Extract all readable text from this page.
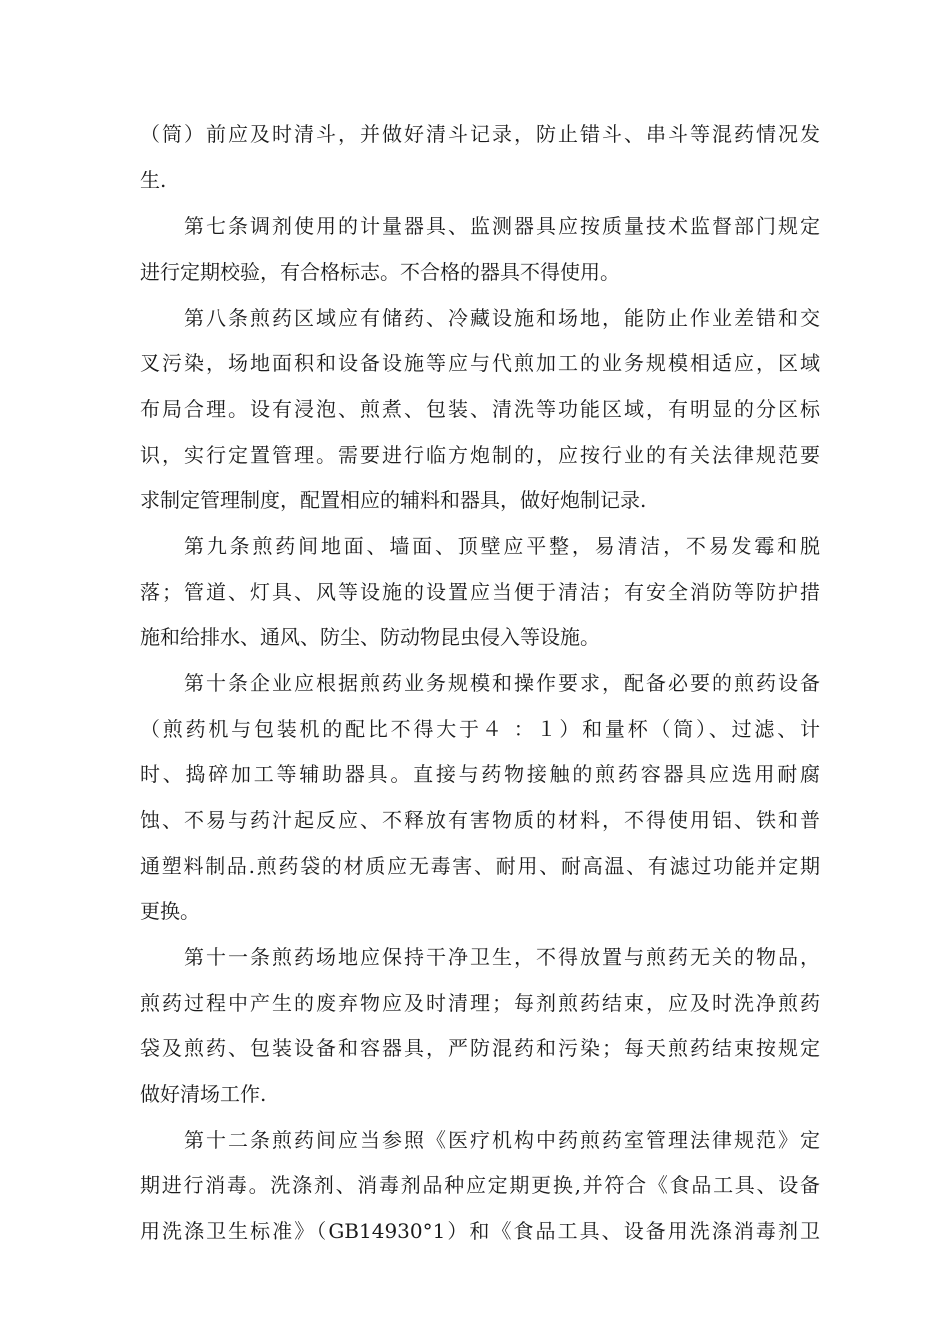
（筒）前应及时清斗，并做好清斗记录，防止错斗、串斗等混药情况发
生.
第七条调剂使用的计量器具、监测器具应按质量技术监督部门规定
进行定期校验，有合格标志。不合格的器具不得使用。
第八条煎药区域应有储药、冷藏设施和场地，能防止作业差错和交
叉污染，场地面积和设备设施等应与代煎加工的业务规模相适应，区域
布局合理。设有浸泡、煎煮、包装、清洗等功能区域，有明显的分区标
识，实行定置管理。需要进行临方炮制的，应按行业的有关法律规范要
求制定管理制度，配置相应的辅料和器具，做好炮制记录.
第九条煎药间地面、墙面、顶壁应平整，易清洁，不易发霉和脱
落；管道、灯具、风等设施的设置应当便于清洁；有安全消防等防护措
施和给排水、通风、防尘、防动物昆虫侵入等设施。
第十条企业应根据煎药业务规模和操作要求，配备必要的煎药设备
（煎药机与包装机的配比不得大于４ ：１）和量杯（筒）、过滤、计
时、捣碎加工等辅助器具。直接与药物接触的煎药容器具应选用耐腐
蚀、不易与药汁起反应、不释放有害物质的材料，不得使用铝、铁和普
通塑料制品.煎药袋的材质应无毒害、耐用、耐高温、有滤过功能并定期
更换。
第十一条煎药场地应保持干净卫生，不得放置与煎药无关的物品，
煎药过程中产生的废弃物应及时清理；每剂煎药结束，应及时洗净煎药
袋及煎药、包装设备和容器具，严防混药和污染；每天煎药结束按规定
做好清场工作.
第十二条煎药间应当参照《医疗机构中药煎药室管理法律规范》定
期进行消毒。洗涤剂、消毒剂品种应定期更换,并符合《食品工具、设备
用洗涤卫生标准》（GB14930°1）和《食品工具、设备用洗涤消毒剂卫
